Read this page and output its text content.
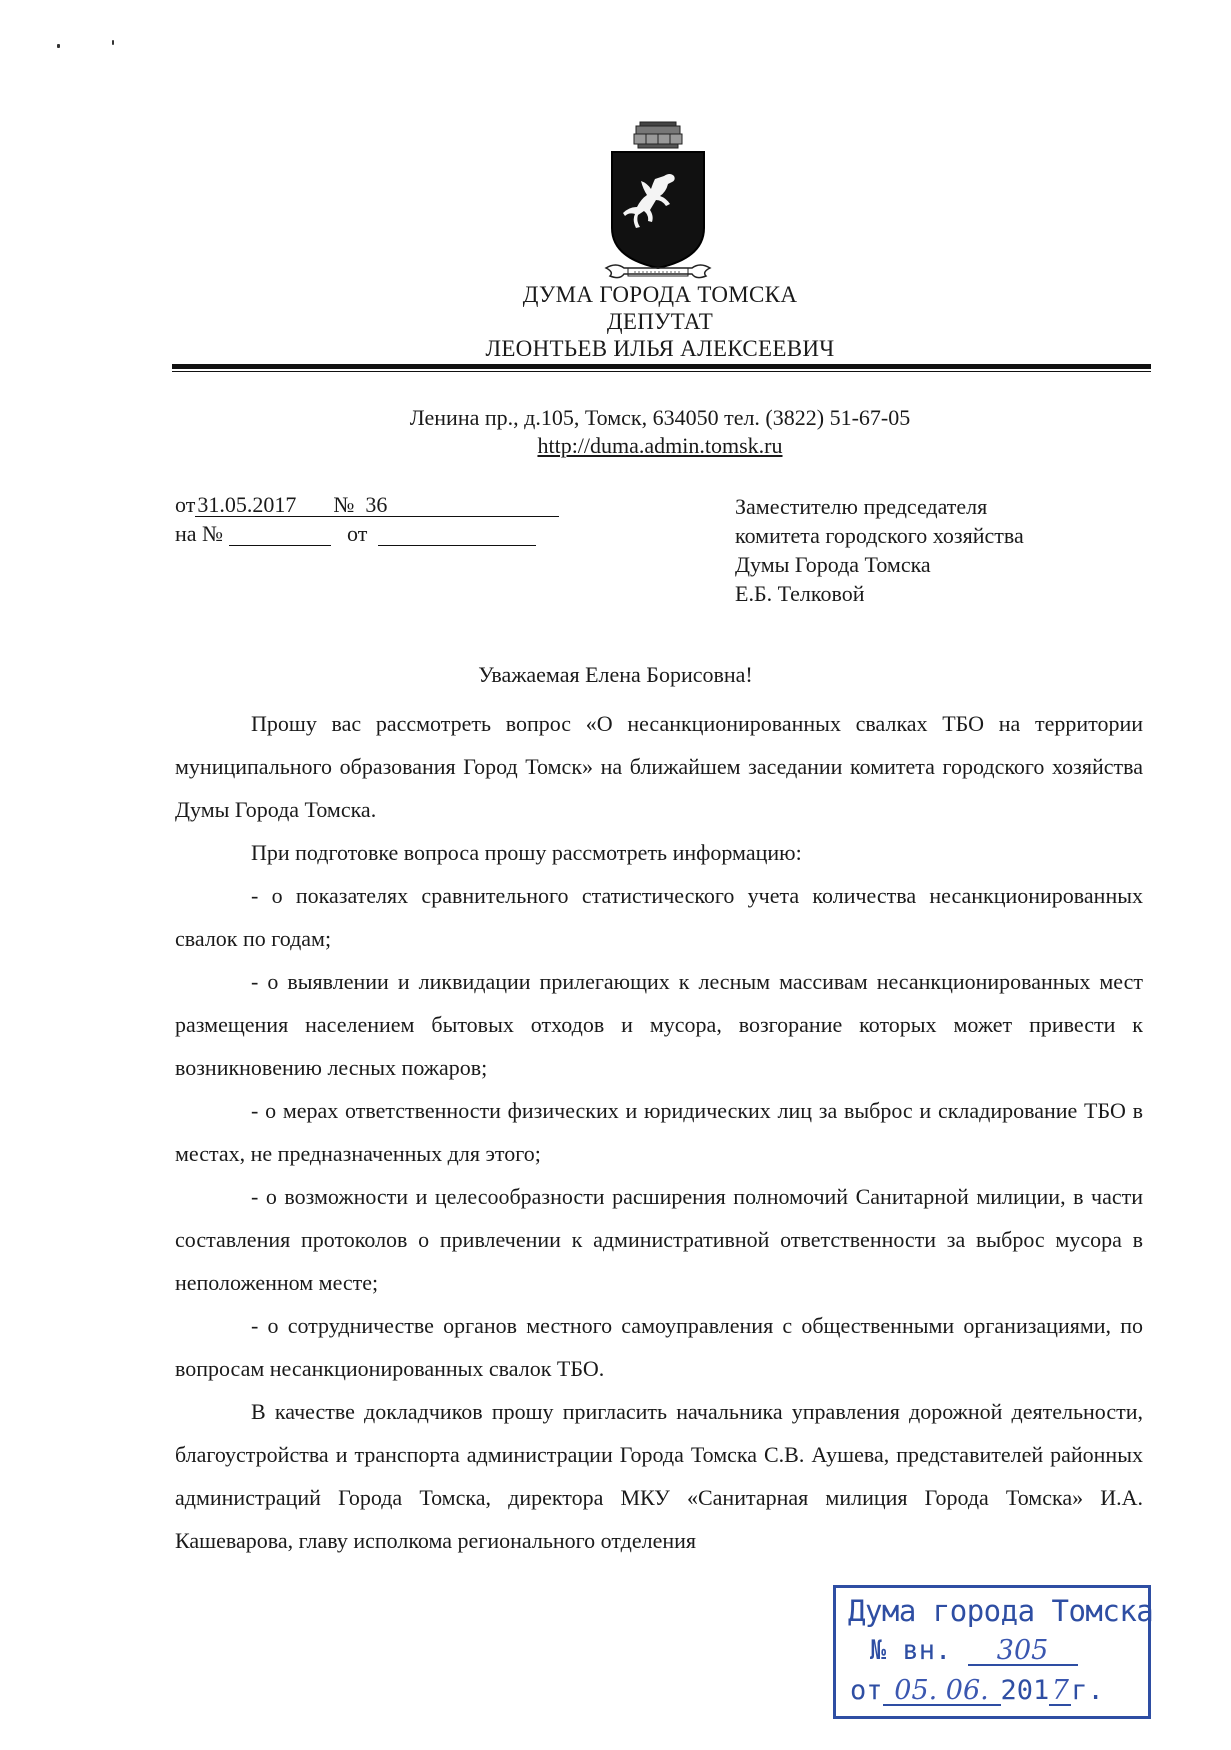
ДУМА ГОРОДА ТОМСКА
ДЕПУТАТ
ЛЕОНТЬЕВ ИЛЬЯ АЛЕКСЕЕВИЧ
Ленина пр., д.105, Томск, 634050 тел. (3822) 51-67-05
http://duma.admin.tomsk.ru
от31.05.2017 № 36
на №	от
Заместителю председателя
комитета городского хозяйства
Думы Города Томска
Е.Б. Телковой
Уважаемая Елена Борисовна!
Прошу вас рассмотреть вопрос «О несанкционированных свалках ТБО на территории муниципального образования Город Томск» на ближайшем заседании комитета городского хозяйства Думы Города Томска.
При подготовке вопроса прошу рассмотреть информацию:
- о показателях сравнительного статистического учета количества несанкционированных свалок по годам;
- о выявлении и ликвидации прилегающих к лесным массивам несанкционированных мест размещения населением бытовых отходов и мусора, возгорание которых может привести к возникновению лесных пожаров;
- о мерах ответственности физических и юридических лиц за выброс и складирование ТБО в местах, не предназначенных для этого;
- о возможности и целесообразности расширения полномочий Санитарной милиции, в части составления протоколов о привлечении к административной ответственности за выброс мусора в неположенном месте;
- о сотрудничестве органов местного самоуправления с общественными организациями, по вопросам несанкционированных свалок ТБО.
В качестве докладчиков прошу пригласить начальника управления дорожной деятельности, благоустройства и транспорта администрации Города Томска С.В. Аушева, представителей районных администраций Города Томска, директора МКУ «Санитарная милиция Города Томска» И.А. Кашеварова, главу исполкома регионального отделения
Дума города Томска
№ вн. 305
от 05. 06. 2017г.
